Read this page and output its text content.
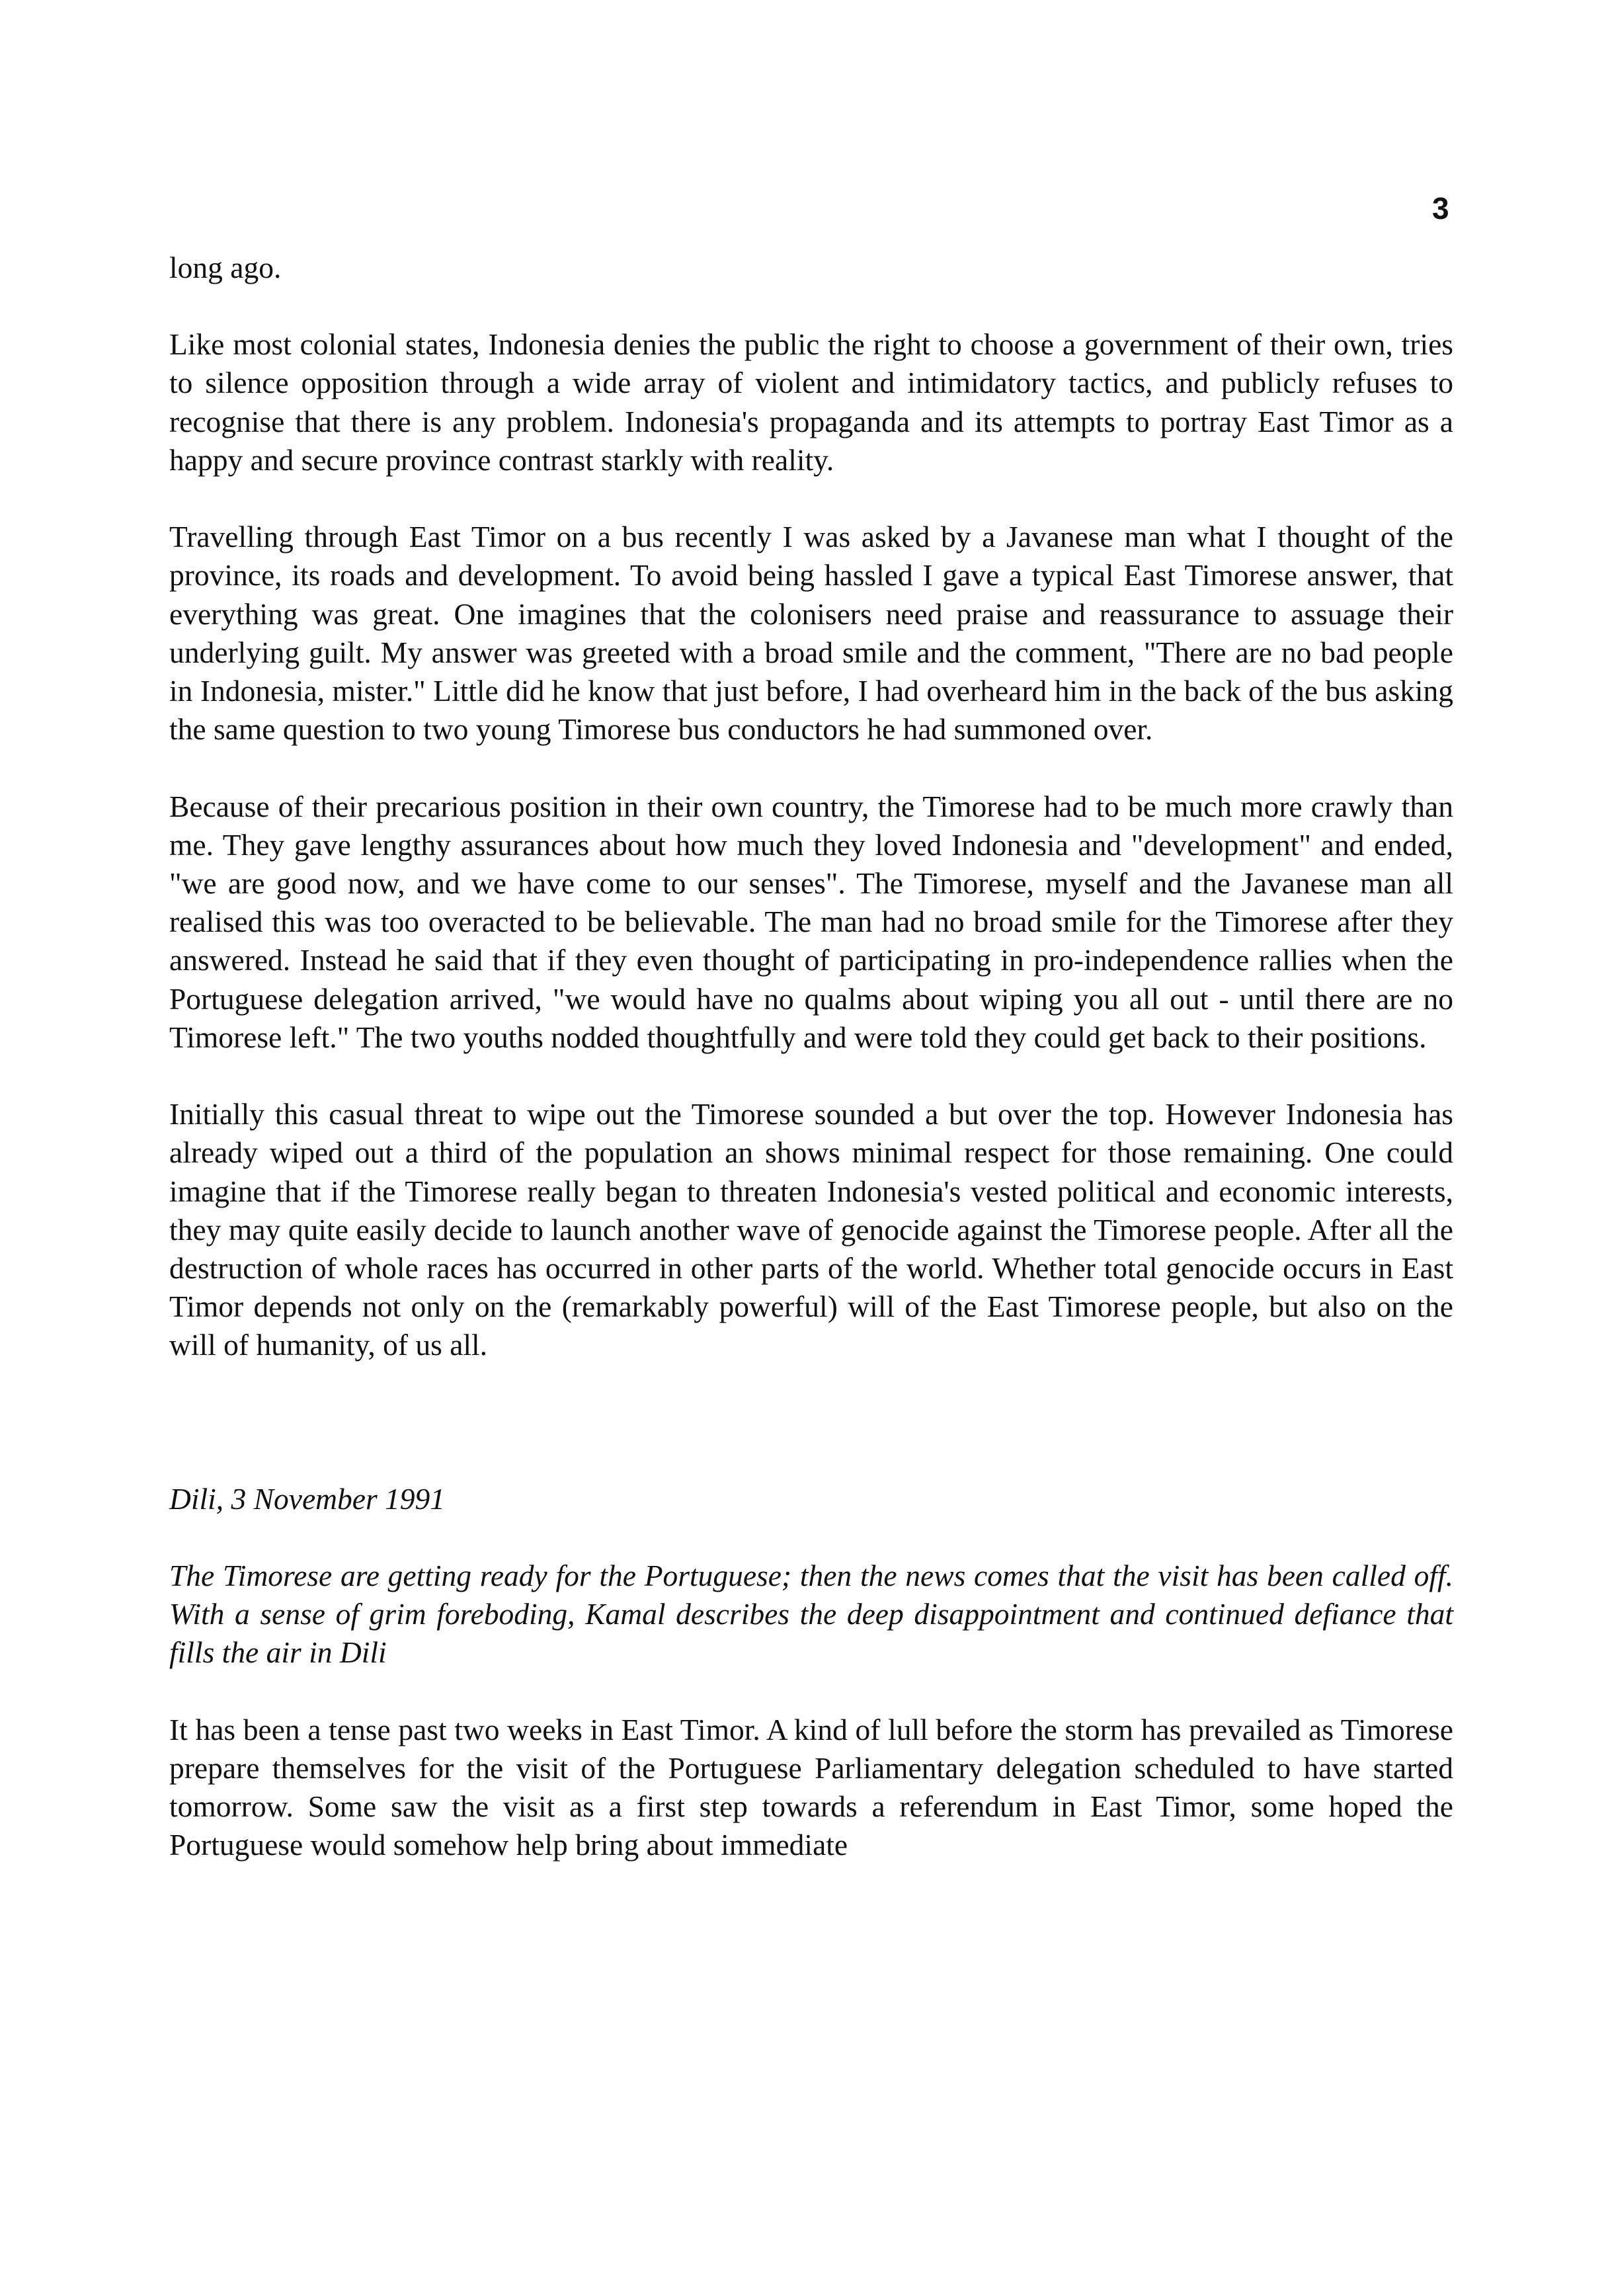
3

long ago.

Like most colonial states, Indonesia denies the public the right to choose a government of their own, tries to silence opposition through a wide array of violent and intimidatory tactics, and publicly refuses to recognise that there is any problem. Indonesia's propaganda and its attempts to portray East Timor as a happy and secure province contrast starkly with reality.

Travelling through East Timor on a bus recently I was asked by a Javanese man what I thought of the province, its roads and development. To avoid being hassled I gave a typical East Timorese answer, that everything was great. One imagines that the colonisers need praise and reassurance to assuage their underlying guilt. My answer was greeted with a broad smile and the comment, "There are no bad people in Indonesia, mister." Little did he know that just before, I had overheard him in the back of the bus asking the same question to two young Timorese bus conductors he had summoned over.

Because of their precarious position in their own country, the Timorese had to be much more crawly than me. They gave lengthy assurances about how much they loved Indonesia and "development" and ended, "we are good now, and we have come to our senses". The Timorese, myself and the Javanese man all realised this was too overacted to be believable. The man had no broad smile for the Timorese after they answered. Instead he said that if they even thought of participating in pro-independence rallies when the Portuguese delegation arrived, "we would have no qualms about wiping you all out - until there are no Timorese left." The two youths nodded thoughtfully and were told they could get back to their positions.

Initially this casual threat to wipe out the Timorese sounded a but over the top. However Indonesia has already wiped out a third of the population an shows minimal respect for those remaining. One could imagine that if the Timorese really began to threaten Indonesia's vested political and economic interests, they may quite easily decide to launch another wave of genocide against the Timorese people. After all the destruction of whole races has occurred in other parts of the world. Whether total genocide occurs in East Timor depends not only on the (remarkably powerful) will of the East Timorese people, but also on the will of humanity, of us all.

Dili, 3 November 1991

The Timorese are getting ready for the Portuguese; then the news comes that the visit has been called off. With a sense of grim foreboding, Kamal describes the deep disappointment and continued defiance that fills the air in Dili

It has been a tense past two weeks in East Timor. A kind of lull before the storm has prevailed as Timorese prepare themselves for the visit of the Portuguese Parliamentary delegation scheduled to have started tomorrow. Some saw the visit as a first step towards a referendum in East Timor, some hoped the Portuguese would somehow help bring about immediate
